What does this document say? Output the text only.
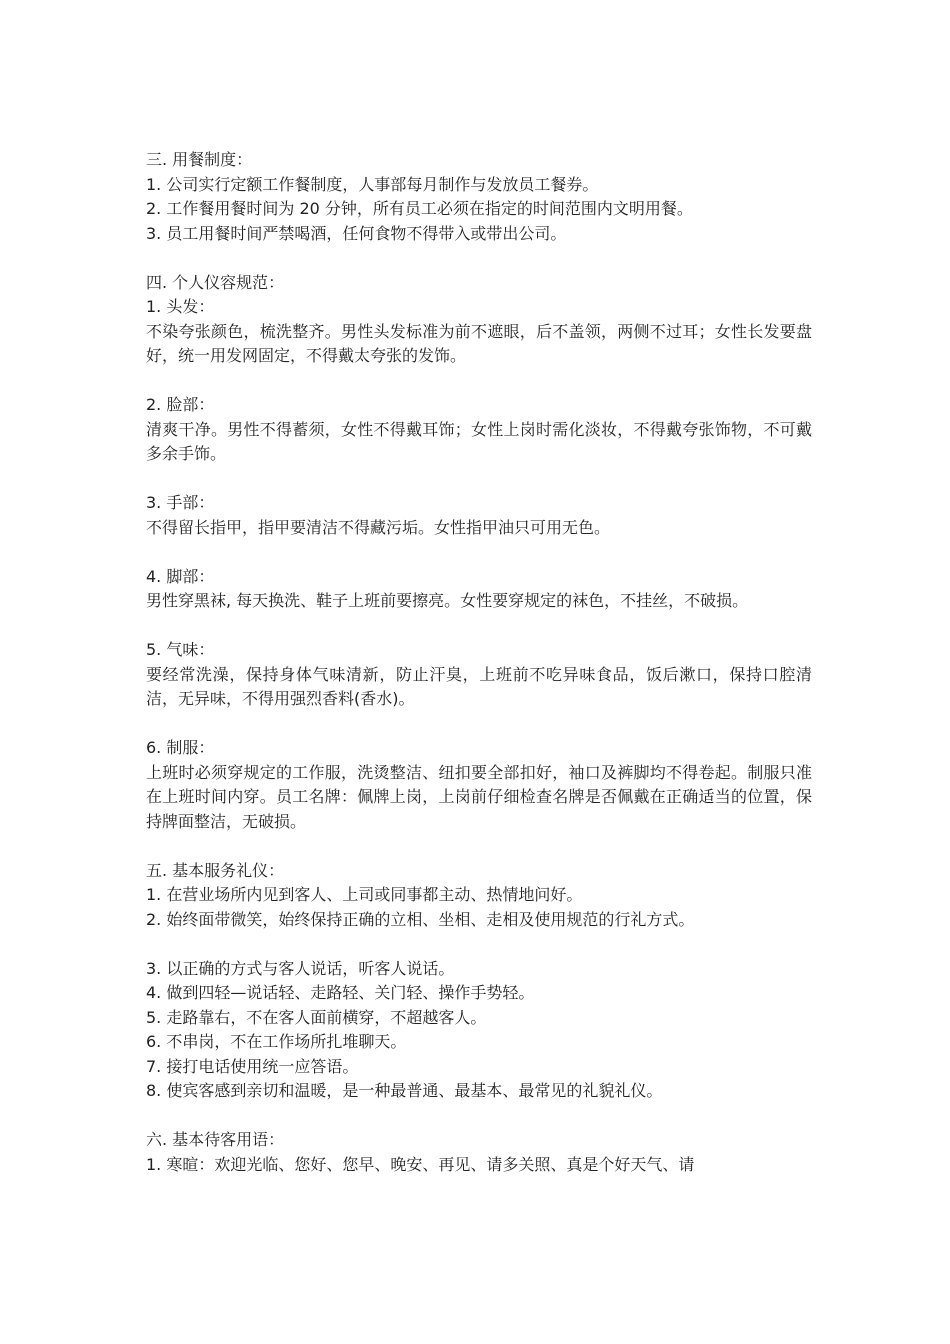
三. 用餐制度：
1. 公司实行定额工作餐制度，人事部每月制作与发放员工餐券。
2. 工作餐用餐时间为 20 分钟，所有员工必须在指定的时间范围内文明用餐。
3. 员工用餐时间严禁喝酒，任何食物不得带入或带出公司。
四. 个人仪容规范：
1. 头发：
不染夸张颜色，梳洗整齐。男性头发标准为前不遮眼，后不盖领，两侧不过耳；女性长发要盘好，统一用发网固定，不得戴太夸张的发饰。
2. 脸部：
清爽干净。男性不得蓄须，女性不得戴耳饰；女性上岗时需化淡妆，不得戴夸张饰物，不可戴多余手饰。
3. 手部：
不得留长指甲，指甲要清洁不得藏污垢。女性指甲油只可用无色。
4. 脚部：
男性穿黑袜, 每天换洗、鞋子上班前要擦亮。女性要穿规定的袜色，不挂丝，不破损。
5. 气味：
要经常洗澡，保持身体气味清新，防止汗臭，上班前不吃异味食品，饭后漱口，保持口腔清洁，无异味，不得用强烈香料(香水)。
6. 制服：
上班时必须穿规定的工作服，洗烫整洁、纽扣要全部扣好，袖口及裤脚均不得卷起。制服只准在上班时间内穿。员工名牌：佩牌上岗，上岗前仔细检查名牌是否佩戴在正确适当的位置，保持牌面整洁，无破损。
五. 基本服务礼仪：
1. 在营业场所内见到客人、上司或同事都主动、热情地问好。
2. 始终面带微笑，始终保持正确的立相、坐相、走相及使用规范的行礼方式。
3. 以正确的方式与客人说话，听客人说话。
4. 做到四轻—说话轻、走路轻、关门轻、操作手势轻。
5. 走路靠右，不在客人面前横穿，不超越客人。
6. 不串岗，不在工作场所扎堆聊天。
7. 接打电话使用统一应答语。
8. 使宾客感到亲切和温暖，是一种最普通、最基本、最常见的礼貌礼仪。
六. 基本待客用语：
1. 寒暄：欢迎光临、您好、您早、晚安、再见、请多关照、真是个好天气、请
